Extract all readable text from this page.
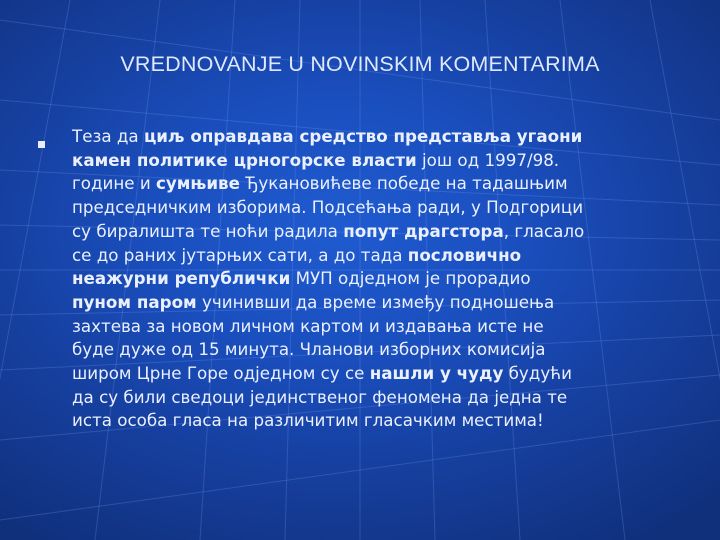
VREDNOVANJE U NOVINSKIM KOMENTARIMA
Теза да циљ оправдава средство представља угаони
камен политике црногорске власти још од 1997/98.
године и сумњиве Ђукановићеве победе на тадашњим
председничким изборима. Подсећања ради, у Подгорици
су биралишта те ноћи радила попут драгстора, гласало
се до раних јутарњих сати, а до тада пословично
неажурни републички МУП одједном је прорадио
пуном паром учинивши да време између подношења
захтева за новом личном картом и издавања исте не
буде дуже од 15 минута. Чланови изборних комисија
широм Црне Горе одједном су се нашли у чуду будући
да су били сведоци јединственог феномена да једна те
иста особа гласа на различитим гласачким местима!
